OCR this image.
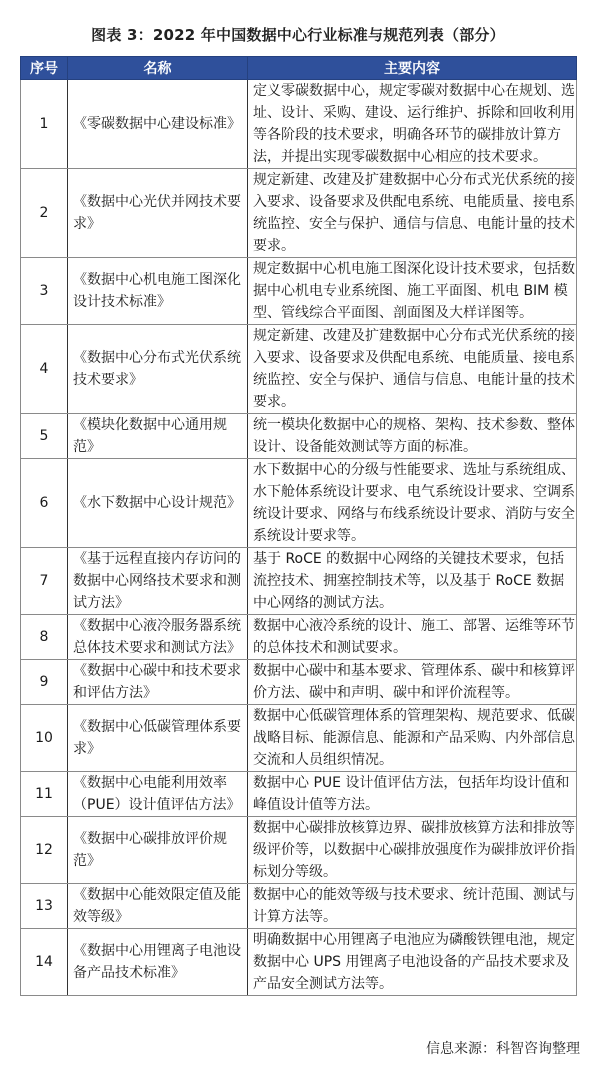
图表 3：2022 年中国数据中心行业标准与规范列表（部分）
序号	名称	主要内容
1	《零碳数据中心建设标准》	定义零碳数据中心，规定零碳对数据中心在规划、选址、设计、采购、建设、运行维护、拆除和回收利用等各阶段的技术要求，明确各环节的碳排放计算方法，并提出实现零碳数据中心相应的技术要求。
2	《数据中心光伏并网技术要求》	规定新建、改建及扩建数据中心分布式光伏系统的接入要求、设备要求及供配电系统、电能质量、接电系统监控、安全与保护、通信与信息、电能计量的技术要求。
3	《数据中心机电施工图深化设计技术标准》	规定数据中心机电施工图深化设计技术要求，包括数据中心机电专业系统图、施工平面图、机电 BIM 模型、管线综合平面图、剖面图及大样详图等。
4	《数据中心分布式光伏系统技术要求》	规定新建、改建及扩建数据中心分布式光伏系统的接入要求、设备要求及供配电系统、电能质量、接电系统监控、安全与保护、通信与信息、电能计量的技术要求。
5	《模块化数据中心通用规范》	统一模块化数据中心的规格、架构、技术参数、整体设计、设备能效测试等方面的标准。
6	《水下数据中心设计规范》	水下数据中心的分级与性能要求、选址与系统组成、水下舱体系统设计要求、电气系统设计要求、空调系统设计要求、网络与布线系统设计要求、消防与安全系统设计要求等。
7	《基于远程直接内存访问的数据中心网络技术要求和测试方法》	基于 RoCE 的数据中心网络的关键技术要求，包括流控技术、拥塞控制技术等，以及基于 RoCE 数据中心网络的测试方法。
8	《数据中心液冷服务器系统总体技术要求和测试方法》	数据中心液冷系统的设计、施工、部署、运维等环节的总体技术和测试要求。
9	《数据中心碳中和技术要求和评估方法》	数据中心碳中和基本要求、管理体系、碳中和核算评价方法、碳中和声明、碳中和评价流程等。
10	《数据中心低碳管理体系要求》	数据中心低碳管理体系的管理架构、规范要求、低碳战略目标、能源信息、能源和产品采购、内外部信息交流和人员组织情况。
11	《数据中心电能利用效率（PUE）设计值评估方法》	数据中心 PUE 设计值评估方法，包括年均设计值和峰值设计值等方法。
12	《数据中心碳排放评价规范》	数据中心碳排放核算边界、碳排放核算方法和排放等级评价等，以数据中心碳排放强度作为碳排放评价指标划分等级。
13	《数据中心能效限定值及能效等级》	数据中心的能效等级与技术要求、统计范围、测试与计算方法等。
14	《数据中心用锂离子电池设备产品技术标准》	明确数据中心用锂离子电池应为磷酸铁锂电池，规定数据中心 UPS 用锂离子电池设备的产品技术要求及产品安全测试方法等。
信息来源：科智咨询整理
